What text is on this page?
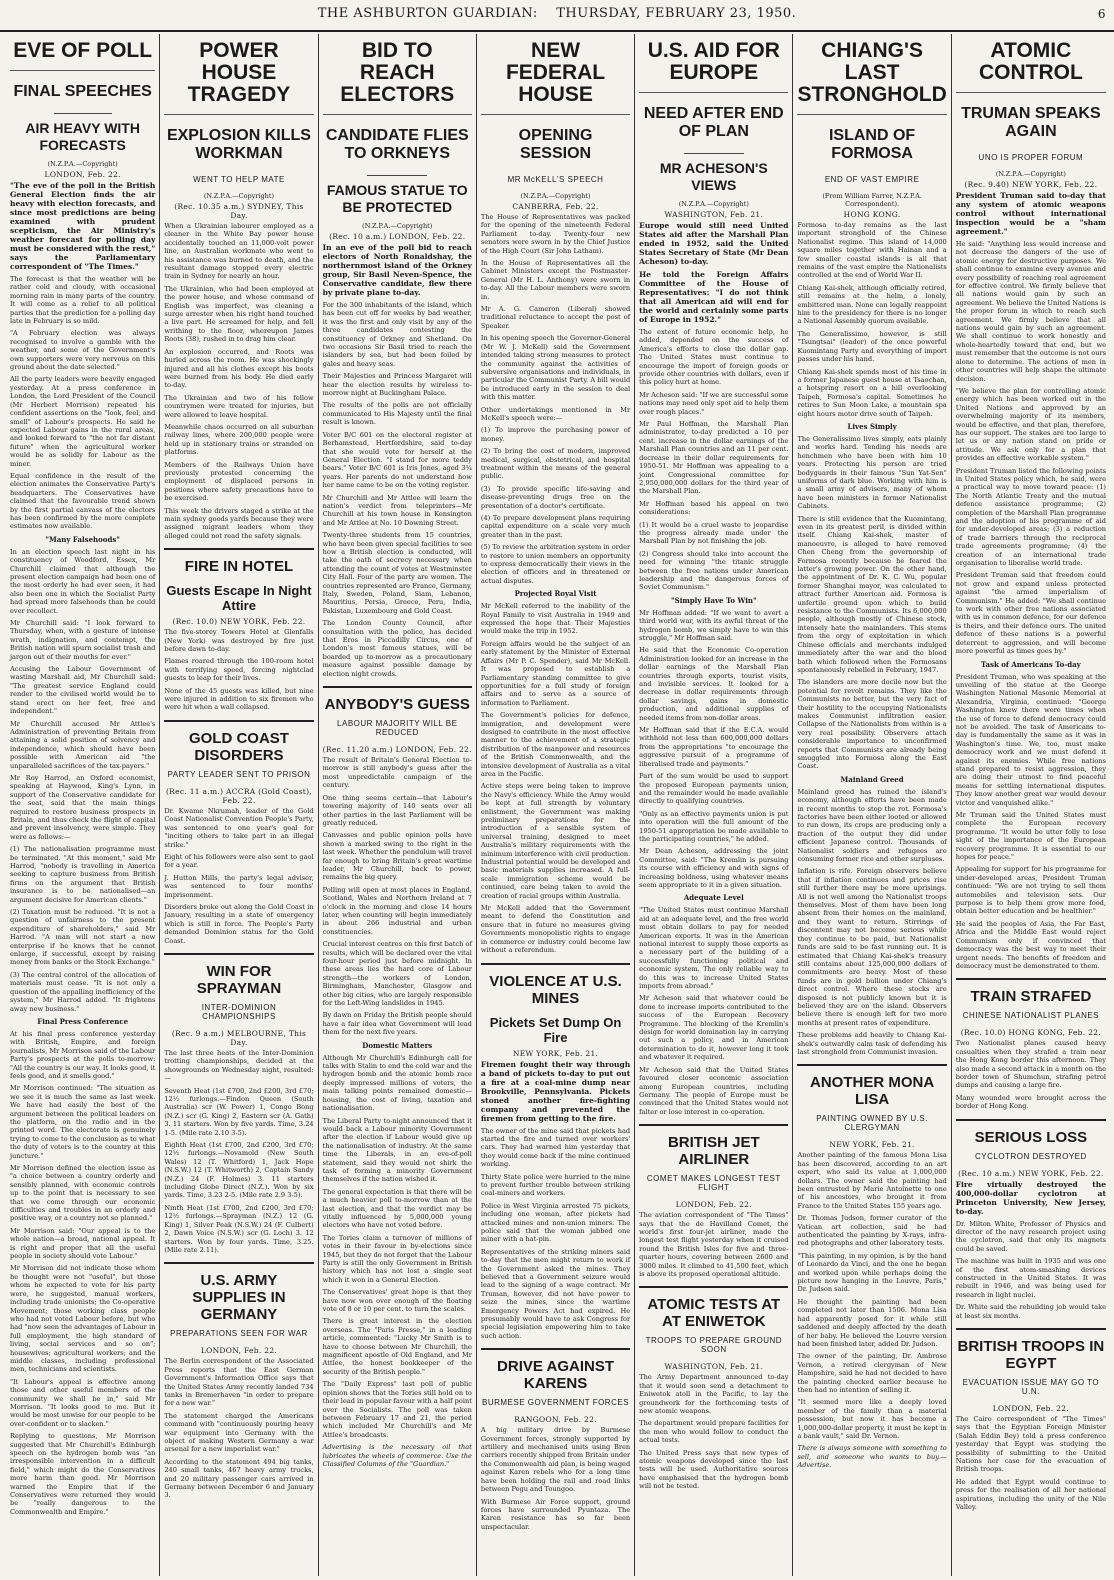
THE ASHBURTON GUARDIAN: THURSDAY, FEBRUARY 23, 1950.	6
EVE OF POLL
FINAL SPEECHES
AIR HEAVY WITH FORECASTS
(N.Z.P.A.—Copyright)
LONDON, Feb. 22.

"The eve of the poll in the British General Election finds the air heavy with election forecasts, and since most predictions are being examined with prudent scepticism, the Air Ministry's weather forecast for polling day must be considered with the rest," says the Parliamentary correspondent of "The Times."

The forecast is that the weather will be rather cold and cloudy, with occasional morning rain in many parts of the country. It will come as a relief to all political parties that the prediction for a polling day late in February is so mild.

"A February election was always recognised to involve a gamble with the weather, and some of the Government's own supporters were very nervous on this ground about the date selected."

All the party leaders were heavily engaged yesterday. At a press conference in London, the Lord President of the Council (Mr Herbert Morrison) repeated his confident assertions on the "look, feel, and smell" of Labour's prospects. He said he expected Labour gains in the rural areas, and looked forward to "the not far distant future" when the agricultural worker would be as solidly for Labour as the miner.

Equal confidence in the result of the election animates the Conservative Party's headquarters. The Conservatives have claimed that the favourable trend shown by the first partial canvass of the electors has been confirmed by the more complete estimates now available.

"Many Falsehoods"

In an election speech last night in his constituency of Woodford, Essex, Mr Churchill claimed that although the present election campaign had been one of the most orderly he had ever seen, it had also been one in which the Socialist Party had spread more falsehoods than he could ever recollect.

Mr Churchill said: "I look forward to Thursday, when, with a gesture of intense wrath, indignation, and contempt, the British nation will spurn socialist trash and jargon out of their mouths for ever."

Accusing the Labour Government of wasting Marshall aid, Mr Churchill said: "The greatest service England could render to the civilised world would be to stand erect on her feet, free and independent."

Mr Churchill accused Mr Attlee's Administration of preventing Britain from attaining a solid position of solvency and independence, which should have been possible with American aid "the unparalleled sacrifices of the tax-payers."

Mr Roy Harrod, an Oxford economist, speaking at Haywood, King's Lynn, in support of the Conservative candidate for the seat, said that the main things required to restore business prospects in Britain, and thus check the flight of capital and prevent insolvency, were simple. They were as follows:—

(1) The nationalisation programme must be terminated. "At this moment," said Mr Harrod, "nobody is travelling in America seeking to capture business from British firms on the argument that British insurance is to be nationalised—an argument decisive for American clients."

(2) Taxation must be reduced. "It is not a question of unfairness to the present expenditure of shareholders," said Mr Harrod. "A man will not start a new enterprise if he knows that he cannot enlarge, if successful, except by raising money from banks or the Stock Exchange."

(3) The central control of the allocation of materials must cease. "It is not only a question of the appalling inefficiency of the system," Mr Harrod added. "It frightens away new business."

Final Press Conference

At his final press conference yesterday with British, Empire, and foreign journalists, Mr Morrison said of the Labour Party's prospects at the polls to-morrow: "All the country is our way. It looks good, it feels good, and it smells good."

Mr Morrison continued: "The situation as we see it is much the same as last week. We have had easily the best of the argument between the political leaders on the platform, on the radio and in the printed word. The electorate is genuinely trying to come to the conclusion as to what the duty of voters is to the country at this juncture."

Mr Morrison defined the election issue as "a choice between a country orderly and sensibly planned, with economic controls up to the point that is necessary to see that we come through our economic difficulties and troubles in an orderly and positive way, or a country not so planned."

Mr Morrison said: "Our appeal is to the whole nation—a broad, national appeal. It is right and proper that all the useful people in society should vote Labour."

Mr Morrison did not indicate those whom he thought were not "useful", but those whom he expected to vote for his party were, he suggested, manual workers, including trade unionists; the Co-operative Movement; those working class people who had not voted Labour before, but who had "now seen the advantages of Labour in full employment, the high standard of living, social services and so on"; housewives; agricultural workers; and the middle classes, including professional men, technicians and scientists.

"It Labour's appeal is effective among those and other useful members of the community we shall be in," said Mr Morrison. "It looks good to me. But it would be most unwise for our people to be over-confident or to slacken."

Replying to questions, Mr Morrison suggested that Mr Churchill's Edinburgh speech on the hydrogen bomb was "an irresponsible intervention in a difficult field," which might do the Conservatives more harm than good. Mr Morrison warned the Empire that if the Conservatives were returned they would be "really dangerous to the Commonwealth and Empire."

POWER HOUSE TRAGEDY
EXPLOSION KILLS WORKMAN
WENT TO HELP MATE
(N.Z.P.A.—Copyright)
(Rec. 10.35 a.m.) SYDNEY, This Day.

When a Ukrainian labourer employed as a cleaner in the White Bay power house accidentally touched an 11,000-volt power line, an Australian workmate who went to his assistance was burned to death, and the resultant damage stopped every electric train in Sydney for nearly an hour.

The Ukrainian, who had been employed at the power house, and whose command of English was imperfect, was cleaning a surge arrester when his right hand touched a live part. He screamed for help, and fell writhing to the floor, whereupon James Roots (38), rushed in to drag him clear.

An explosion occurred, and Roots was hurled across the room. He was shockingly injured and all his clothes except his boots were burned from his body. He died early to-day.

The Ukrainian and two of his fellow countrymen were treated for injuries, but were allowed to leave hospital.

Meanwhile chaos occurred on all suburban railway lines, where 200,000 people were held up in stationary trains or stranded on platforms.

Members of the Railways Union have previously protested concerning the employment of displaced persons in positions where safety precautions have to be exercised.

This week the drivers staged a strike at the main sydney goods yards because they were assigned migrant leaders whom they alleged could not read the safety signals.

FIRE IN HOTEL
Guests Escape In Night Attire
(Rec. 10.0) NEW YORK, Feb. 22.

The five-storey Towers Hotel at Glenfalls (New York) was destroyed by fire just before dawn to-day.

Flames roared through the 100-room hotel with terrifying speed, forcing nightclad guests to leap for their lives.

None of the 45 guests was killed, but nine were injured in addition to six firemen who were hit when a wall collapsed.

GOLD COAST DISORDERS
PARTY LEADER SENT TO PRISON
(Rec. 11 a.m.) ACCRA (Gold Coast), Feb. 22.

Dr. Kwame Nkrumah, leader of the Gold Coast Nationalist Convention People's Party, was sentenced to one year's goal for "inciting others to take part in an illegal strike."

Eight of his followers were also sent to gaol for a year.

J. Hutton Mills, the party's legal adviser, was sentenced to four months' imprisonment.

Disorders broke out along the Gold Coast in January, resulting in a state of emergency which is still in force. The People's Party demanded Dominion status for the Gold Coast.

WIN FOR SPRAYMAN
INTER-DOMINION CHAMPIONSHIPS
(Rec. 9 a.m.) MELBOURNE, This Day.

The last three heats of the Inter-Dominion trotting championships, decided at the showgrounds on Wednesday night, resulted:—

Seventh Heat (1st £700, 2nd £200, 3rd £70; 12½ furlongs.—Findon Queen (South Australia) scr (W. Power) 1, Congo Bong (N.Z.) scr (G. King) 2, Eastern scr (A. Gath) 3. 11 starters. Won by five yards. Time, 3.24 1-5. (Mile rate 2.10 3-5).

Eighth Heat (1st £700, 2nd £200, 3rd £70; 12½ furlongs.—Novamold (New South Wales) 12 (T. Whitford) 1, Jack Hope (N.S.W.) 12 (T. Whitworth) 2, Captain Sandy (N.Z.) 24 (F. Holmes) 3. 11 starters including Globe Direct (N.Z.). Won by six yards. Time, 3.23 2-5. (Mile rate 2.9 3-5).

Ninth Heat (1st £700, 2nd £200, 3rd £70; 12½ furlongs.—Sprayman (N.Z.) 12 (G. King) 1, Silver Peak (N.S.W.) 24 (F. Culbert) 2, Dawn Voice (N.S.W.) scr (G. Loch) 3. 12 starters. Won by four yards. Time, 3.25. (Mile rate 2.11).

U.S. ARMY SUPPLIES IN GERMANY
PREPARATIONS SEEN FOR WAR
LONDON, Feb. 22.

The Berlin correspondent of the Associated Press reports that the East German Government's Information Office says that the United States Army recently landed 734 tanks in Bremerhaven "in order to prepare for a new war."

The statement charged the Americans command with "continuously pouring heavy war equipment into Germany with the object of making Western Germany a war arsenal for a new imperialist war."

According to the statement 494 big tanks, 240 small tanks, 467 heavy army trucks, and 20 military passenger cars arrived in Germany between December 6 and January 3.

BID TO REACH ELECTORS
CANDIDATE FLIES TO ORKNEYS
FAMOUS STATUE TO BE PROTECTED
(N.Z.P.A.—Copyright)
(Rec. 10 a.m.) LONDON, Feb. 22.

In an eve of the poll bid to reach electors of North Ronaldshay, the northernmost island of the Orkney group, Sir Basil Neven-Spence, the Conservative candidate, flew there by private plane to-day.

For the 300 inhabitants of the island, which has been cut off for weeks by bad weather, it was the first and only visit by any of the three candidates contesting the constituency of Orkney and Shetland. On two occasions Sir Basil tried to reach the islanders by sea, but had been foiled by gales and heavy seas.

Their Majesties and Princess Margaret will hear the election results by wireless to-morrow night at Buckingham Palace.

The results of the polls are not officially communicated to His Majesty until the final result is known.

Voter B/C 601 on the electoral register at Berhamstead, Hertfordshire, said to-day that she would vote for herself at the General Election. "I stand for more teddy bears." Voter B/C 601 is Iris Jones, aged 3¾ years. Her parents do not understand how her name came to be on the voting register.

Mr Churchill and Mr Attlee will learn the nation's verdict from teleprinters—Mr Churchill at his town house in Kensington and Mr Attlee at No. 10 Downing Street.

Twenty-three students from 15 countries, who have been given special facilities to see how a British election is conducted, will take the oath of secrecy necessary when attending the count of votes at Westminster City Hall. Four of the party are women. The countries represented are France, Germany, Italy, Sweden, Poland, Siam, Lebanon, Mauritius, Persia, Greece, Peru, India, Pakistan, Luxembourg and Gold Coast.

The London County Council, after consultation with the police, has decided that Eros in Piccadilly Circus, one of London's most famous statues, will be boarded up to-morrow as a precautionary measure against possible damage by election night crowds.

ANYBODY'S GUESS
LABOUR MAJORITY WILL BE REDUCED
(Rec. 11.20 a.m.) LONDON, Feb. 22.

The result of Britain's General Election to-morrow is still anybody's guess after the most unpredictable campaign of the century.

One thing seems certain—that Labour's towering majority of 140 seats over all other parties in the last Parliament will be greatly reduced.

Canvasses and public opinion polls have shown a marked swing to the right in the last week. Whether the pendulum will travel far enough to bring Britain's great wartime leader, Mr Churchill, back to power, remains the big query.

Polling will open at most places in England, Scotland, Wales and Northern Ireland at 7 o'clock in the morning and close 14 hours later, when counting will begin immediately in about 266 industrial and urban constituencies.

Crucial interest centres on this first batch of results, which will be declared over the vital four-hour period just before midnight. In these areas lies the hard core of Labour strength—the workers of London, Birmingham, Manchester, Glasgow and other big cities, who are largely responsible for the Left-Wing landslides in 1945.

By dawn on Friday the British people should have a fair idea what Government will lead them for the next five years.

Domestic Matters

Although Mr Churchill's Edinburgh call for talks with Stalin to end the cold war and the hydrogen bomb and the atomic bomb race deeply impressed millions of voters, the main talking points remained domestic—housing, the cost of living, taxation and nationalisation.

The Liberal Party to-night announced that it would back a Labour minority Government after the election if Labour would give up the nationalisation of industry. At the same time the Liberals, in an eve-of-poll statement, said they would not shirk the task of forming a minority Government themselves if the nation wished it.

The general expectation is that there will be a much heavier poll to-morrow than at the last election, and that the verdict may be vitally influenced by 5,000,000 young electors who have not voted before.

The Tories claim a turnover of millions of votes in their favour in by-elections since 1945, but they do not forget that the Labour Party is still the only Government in British history which has not lost a single seat which it won in a General Election.

The Conservatives' great hope is that they have now won over enough of the floating vote of 8 or 10 per cent. to turn the scales.

There is great interest in the election overseas. The "Paris Presse," in a leading article, commented: "Lucky Mr Smith is to have to choose between Mr Churchill, the magnificent apostle of Old England, and Mr Attlee, the honest bookkeeper of the security of the British people."

The "Daily Express" last poll of public opinion shows that the Tories still hold on to their lead in popular favour with a half point over the Socialists. The poll was taken between February 17 and 21, the period which included Mr Churchill's and Mr Attlee's broadcasts.

Advertising is the necessary oil that lubricates the wheels of commerce. Use the Classified Columns of the "Guardian."

NEW FEDERAL HOUSE
OPENING SESSION
MR McKELL'S SPEECH
(N.Z.P.A.—Copyright)
CANBERRA, Feb. 22.

The House of Representatives was packed for the opening of the nineteenth Federal Parliament to-day. Twenty-four new senators were sworn in by the Chief Justice of the High Court (Sir John Latham).

In the House of Representatives all the Cabinet Ministers except the Postmaster-General (Mr H. L. Anthony) were sworn in to-day. All the Labour members were sworn in.

Mr A. G. Cameron (Liberal) showed traditional reluctance to accept the post of Speaker.

In his opening speech the Governor-General (Mr W. J. McKell) said the Government intended taking strong measures to protect the community against the activities of subversive organisations and individuals, in particular the Communist Party. A bill would be introduced early in the session to deal with this matter.

Other undertakings mentioned in Mr McKell's speech were:—

(1) To improve the purchasing power of money.

(2) To bring the cost of modern, improved medical, surgical, obstetrical, and hospital treatment within the means of the general public.

(3) To provide specific life-saving and disease-preventing drugs free on the presentation of a doctor's certificate.

(4) To prepare development plans requiring capital expenditure on a scale very much greater than in the past.

(5) To review the arbitration system in order to restore to union members an opportunity to express democratically their views in the election of officers and in threatened or actual disputes.

Projected Royal Visit

Mr McKell referred to the inability of the Royal Family to visit Australia in 1949 and expressed the hope that Their Majesties would make the trip in 1952.

Foreign affairs would be the subject of an early statement by the Minister of External Affairs (Mr P. C. Spender), said Mr McKell. It was proposed to establish a Parliamentary standing committee to give opportunities for a full study of foreign affairs and to serve as a source of information to Parliament.

The Government's policies for defence, immigration, and development were designed to contribute in the most effective manner to the achievement of a strategic distribution of the manpower and resources of the British Commonwealth, and the intensive development of Australia as a vital area in the Pacific.

Active steps were being taken to improve the Navy's efficiency. While the Army would be kept at full strength by voluntary enlistment, the Government was making preliminary preparations for the introduction of a sensible system of universal training, designed to meet Australia's military requirements with the minimum interference with civil production. Industrial potential would be developed and basic materials supplies increased. A full-scale immigration scheme would be continued, care being taken to avoid the creation of racial groups within Australia.

Mr McKell added that the Government meant to defend the Constitution and ensure that in future no measures giving Governments monopolistic rights to engage in commerce or industry could become law without a referendum.

VIOLENCE AT U.S. MINES
Pickets Set Dump On Fire
NEW YORK, Feb. 21.

Firemen fought their way through a band of pickets to-day to put out a fire at a coal-mine dump near Brookville, Pennsylvania. Pickets stoned another fire-fighting company and prevented the firemen from getting to the fire.

The owner of the mine said that pickets had started the fire and turned over workers' cars. They had warned him yesterday that they would come back if the mine continued working.

Thirty State police were hurried to the mine to prevent further trouble between striking coal-miners and workers.

Police in West Virginia arrested 75 pickets, including one woman, after pickets had attacked mines and non-union miners. The police said that the woman jabbed one miner with a hat-pin.

Representatives of the striking miners said to-day that the men might return to work if the Government asked the mines. They believed that a Government seizure would lead to the signing of a wage contract. Mr Truman, however, did not have power to seize the mines, since the wartime Emergency Powers Act had expired. He presumably would have to ask Congress for special legislation empowering him to take such action.

DRIVE AGAINST KARENS
BURMESE GOVERNMENT FORCES
RANGOON, Feb. 22.

A big military drive by Burmese Government forces, strongly supported by artillery and mechanised units using Bren carriers recently shipped from Britain under the Commonwealth aid plan, is being waged against Karen rebels who for a long time have been holding the rail and road links between Pegu and Toungoo.

With Burmese Air Force support, ground forces have surrounded Pyuntaza. The Karen resistance has so far been unspectacular.

U.S. AID FOR EUROPE
NEED AFTER END OF PLAN
MR ACHESON'S VIEWS
(N.Z.P.A.—Copyright)
WASHINGTON, Feb. 21.

Europe would still need United States aid after the Marshall Plan ended in 1952, said the United States Secretary of State (Mr Dean Acheson) to-day.

He told the Foreign Affairs Committee of the House of Representatives: "I do not think that all American aid will end for the world and certainly some parts of Europe in 1952."

The extent of future economic help, he added, depended on the success of America's efforts to close the dollar gap. The United States must continue to encourage the import of foreign goods or provide other countries with dollars, even if this policy hurt at home.

Mr Acheson said: "If we are successful some nations may need only spot aid to help them over rough places."

Mr Paul Hoffman, the Marshall Plan administrator, to-day predicted a 10 per cent. increase in the dollar earnings of the Marshall Plan countries and an 11 per cent. decrease in their dollar requirements for 1950-51. Mr Hoffman was appealing to a joint Congressional committee for 2,950,000,000 dollars for the third year of the Marshall Plan.

Mr Hoffman based his appeal on two considerations:

(1) It would be a cruel waste to jeopardise the progress already made under the Marshall Plan by not finishing the job.

(2) Congress should take into account the need for winning "the titanic struggle between the free nations under American leadership and the dangerous forces of Soviet Communism."

"Simply Have To Win"

Mr Hoffman added: "If we want to avert a third world war, with its awful threat of the hydrogen bomb, we simply have to win this struggle," Mr Hoffman said.

He said that the Economic Co-operation Administration looked for an increase in the dollar earnings of the Marshall Plan countries through exports, tourist visits, and invisible services. It looked for a decrease in dollar requirements through dollar savings, gains in domestic production, and additional supplies of needed items from non-dollar areas.

Mr Hoffman said that if the E.C.A. would withhold not less than 600,000,000 dollars from the appropriations "to encourage the aggressive pursuit of a programme of liberalised trade and payments."

Part of the sum would be used to support the proposed European payments union, and the remainder would be made available directly to qualifying countries.

"Only as an effective payments union is put into operation will the full amount of the 1950-51 appropriation be made available to the participating countries," he added.

Mr Dean Acheson, addressing the joint Committee, said: "The Kremlin is pursuing its course with efficiency and with signs of increasing boldness, using whatever means seem appropriate to it in a given situation.

Adequate Level

"The United States must continue Marshall aid at an adequate level, and the free world must obtain dollars to pay for needed American exports. It was in the American national interest to supply those exports as a necessary part of the building of a successfully functioning political and economic system. The only reliable way to do this was to increase United States imports from abroad."

Mr Acheson said that whatever could be done to increase imports contributed to the success of the European Recovery Programme. The blocking of the Kremlin's design for world domination lay in carrying out such a policy, and in American determination to do it, however long it took and whatever it required.

Mr Acheson said that the United States favoured closer economic association among European countries, including Germany. The people of Europe must be convinced that the United States would not falter or lose interest in co-operation.

BRITISH JET AIRLINER
COMET MAKES LONGEST TEST FLIGHT
LONDON, Feb. 22.

The aviation correspondent of "The Times" says that the de Havilland Comet, the world's first four-jet airliner, made the longest test flight yesterday when it cruised round the British Isles for five and three-quarter hours, covering between 2600 and 3000 miles. It climbed to 41,500 feet, which is above its proposed operational altitude.

ATOMIC TESTS AT AT ENIWETOK
TROOPS TO PREPARE GROUND SOON
WASHINGTON, Feb. 21.

The Army Department announced to-day that it would soon send a detachment to Eniwetok atoll in the Pacific, to lay the groundwork for the forthcoming tests of new atomic weapons.

The department would prepare facilities for the men who would follow to conduct the actual tests.

The United Press says that new types of atomic weapons developed since the last tests will be used. Authoritative sources have emphasised that the hydrogen bomb will not be tested.

CHIANG'S LAST STRONGHOLD
ISLAND OF FORMOSA
END OF VAST EMPIRE
(From William Farrer, N.Z.P.A. Correspondent).
HONG KONG.

Formosa to-day remains as the last important stronghold of the Chinese Nationalist regime. This island of 14,000 square miles together with Hainan and a few smaller coastal islands is all that remains of the vast empire the Nationalists controlled at the end of World War II.

Chiang Kai-shek, although officially retired, still remains at the helm, a lonely, embittered man. None can legally reappoint him to the presidency for there is no longer a National Assembly quorum available.

The Generalissimo, however, is still "Tsungtsai" (leader) of the once powerful Kuomintang Party and everything of import passes under his hand.

Chiang Kai-shek spends most of his time in a former Japanese guest house at Tsaochan, a hotspring resort on a hill overlooking Taipeh, Formosa's capital. Sometimes he retires to Sun Moon Lake, a mountain spa eight hours motor drive south of Taipeh.

Lives Simply

The Generalissimo lives simply, eats plainly and works hard. Tending his needs are henchmen who have been with him 10 years. Protecting his person are tried bodyguards in their famous "Sun Yat-Sen" uniforms of dark blue. Working with him is a small army of advisers, many of whom have been ministers in former Nationalist Cabinets.

There is still evidence that the Kuomintang, even in its greatest peril, is divided within itself. Chiang Kai-shek, master of manoeuvre, is alleged to have removed Chen Cheng from the governorship of Formosa recently because he feared the latter's growing power. On the other hand, the appointment of Dr. K. C. Wu, popular former Shanghai mayor, was calculated to attract further American aid. Formosa is unfertile ground upon which to build resistance to the Communists. Its 6,000,000 people, although mostly of Chinese stock, intensely hate the mainlanders. This stems from the orgy of exploitation in which Chinese officials and merchants indulged immediately after the war and the blood bath which followed when the Formosans spontaneously rebelled in February, 1947.

The islanders are more docile now but the potential for revolt remains. They like the Communists no better, but the very fact of their hostility to the occupying Nationalists makes Communist infiltration easier. Collapse of the Nationalists from within is a very real possibility. Observers attach considerable importance to unconfirmed reports that Communists are already being smuggled into Formosa along the East Coast.

Mainland Greed

Mainland greed has ruined the island's economy, although efforts have been made in recent months to stop the rot. Formosa's factories have been either looted or allowed to run down, its crops are producing only a fraction of the output they did under efficient Japanese control. Thousands of Nationalist soldiers and refugees are consuming former rice and other surpluses.

Inflation is rife. Foreign observers believe that if inflation continues and prices rise still further there may be more uprisings. All is not well among the Nationalist troops themselves. Most of them have been long absent from their homes on the mainland, and they want to return. Stirrings of discontent may not become serious while they continue to be paid, but Nationalist funds are said to be fast running out. It is estimated that Chiang Kai-shek's treasury still contains about 125,000,000 dollars of commitments are heavy. Most of these funds are in gold bullion under Chiang's direct control. Where these stocks are disposed is not publicly known but it is believed they are on the island. Observers believe there is enough left for two more months at present rates of expenditure.

These problems add heavily to Chiang Kai-shek's outwardly calm task of defending his last stronghold from Communist invasion.

ANOTHER MONA LISA
PAINTING OWNED BY U.S. CLERGYMAN
NEW YORK, Feb. 21.

Another painting of the famous Mona Lisa has been discovered, according to an art expert, who said its value at 1,000,000 dollars. The owner said the painting had been entrusted by Marie Antoinette to one of his ancestors, who brought it from France to the United States 155 years ago.

Dr. Thomas Judson, former curator of the Vatican art collection, said he had authenticated the painting by X-rays, infra-red photographs and other laboratory tests.

"This painting, in my opinion, is by the hand of Leonardo da Vinci, and the one he began and worked upon while perhaps doing the picture now hanging in the Louvre, Paris," Dr. Judson said.

He thought the painting had been completed not later than 1506. Mona Lisa had apparently posed for it while still saddened and deeply affected by the death of her baby. He believed the Louvre version had been finished later, added Dr. Judson.

The owner of the painting, Dr. Ambrose Vernon, a retired clergyman of New Hampshire, said he had not decided to have the painting checked earlier because he then had no intention of selling it.

"It seemed more like a deeply loved member of the family than a material possession, but now it has become a 1,000,000-dollar property, it must be kept in a bank vault," said Dr. Vernon.

There is always someone with something to sell, and someone who wants to buy.—Advertise.

ATOMIC CONTROL
TRUMAN SPEAKS AGAIN
UNO IS PROPER FORUM
(N.Z.P.A.—Copyright)
(Rec. 9.40) NEW YORK, Feb. 22.

President Truman said to-day that any system of atomic weapons control without international inspection would be a "sham agreement."

He said: "Anything less would increase and not decrease the dangers of the use of atomic energy for destructive purposes. We shall continue to examine every avenue and every possibility of reaching real agreement for effective control. We firmly believe that all nations would gain by such an agreement. We believe the United Nations is the proper forum in which to reach such agreement. We firmly believe that all nations would gain by such an agreement. We shall continue to work honestly and whole-heartedly toward that end, but we must remember that the outcome is not ours alone to determine. The actions of men in other countries will help shape the ultimate decision.

"We believe the plan for controlling atomic energy which has been worked out in the United Nations and approved by an overwhelming majority of its members, would be effective, and that plan, therefore, has our support. The stakes are too large to let us or any nation stand on pride or attitude. We ask only for a plan that provides an effective workable system."

President Truman listed the following points in United States policy which, he said, were a practical way to move toward peace: (1) The North Atlantic Treaty and the mutual defence assistance programme; (2) completion of the Marshall Plan programme and the adoption of his programme of aid for under-developed areas; (3) a reduction of trade barriers through the reciprocal trade agreements programme; (4) the creation of an international trade organisation to liberalise world trade.

President Truman said that freedom could not grow and expand unless protected against "the armed imperialism of Communism." He added: "We shall continue to work with other free nations associated with us in common defence, for our defence is theirs, and their defence ours. The united defence of these nations is a powerful deterrent to aggression, and will become more powerful as times goes by."

Task of Americans To-day

President Truman, who was speaking at the unveiling of the statue at the George Washington National Masonic Memorial at Alexandria, Virginia, continued: "George Washington knew there were times when the use of force to defend democracy could not be avoided. The task of Americans to-day is fundamentally the same as it was in Washington's time. We, too, must make democracy work and we must defend it against its enemies. While free nations stand prepared to resist aggression, they are doing their utmost to find peaceful means for settling international disputes. They know another great war would devour victor and vanquished alike."

Mr Truman said the United States must complete the European recovery programme. "It would be utter folly to lose sight of the importance of the European recovery programme. It is essential to our hopes for peace."

Appealing for support for his programme for under-developed areas, President Truman continued: "We are not trying to sell them automobiles and television sets. Our purpose is to help them grow more food, obtain better education and be healthier."

He said the peoples of Asia, the Far East, Africa and the Middle East would reject Communism only if convinced that democracy was the best way to meet their urgent needs. The benefits of freedom and democracy must be demonstrated to them.

TRAIN STRAFED
CHINESE NATIONALIST PLANES
(Rec. 10.0) HONG KONG, Feb. 22.

Two Nationalist planes caused heavy casualties when they strafed a train near the Hong Kong border this afternoon. They also made a second attack in a month on the border town of Shumchun, strafing petrol dumps and causing a large fire.

Many wounded were brought across the border of Hong Kong.

SERIOUS LOSS
CYCLOTRON DESTROYED
(Rec. 10 a.m.) NEW YORK, Feb. 22.

Fire virtually destroyed the 400,000-dollar cyclotron at Princeton University, New Jersey, to-day.

Dr. Milton White, Professor of Physics and director of the navy research project using the cyclotron, said that only its magnets could be saved.

The machine was built in 1935 and was one of the first atom-smashing devices constructed in the United States. It was rebuilt in 1946, and was being used for research in light nuclei.

Dr. White said the rebuilding job would take at least six months.

BRITISH TROOPS IN EGYPT
EVACUATION ISSUE MAY GO TO U.N.
LONDON, Feb. 22.

The Cairo correspondent of "The Times" says that the Egyptian Foreign Minister (Salah Eddin Bey) told a press conference yesterday that Egypt was studying the possibility of submitting to the United Nations her case for the evacuation of British troops.

He added that Egypt would continue to press for the realisation of all her national aspirations, including the unity of the Nile Valley.
